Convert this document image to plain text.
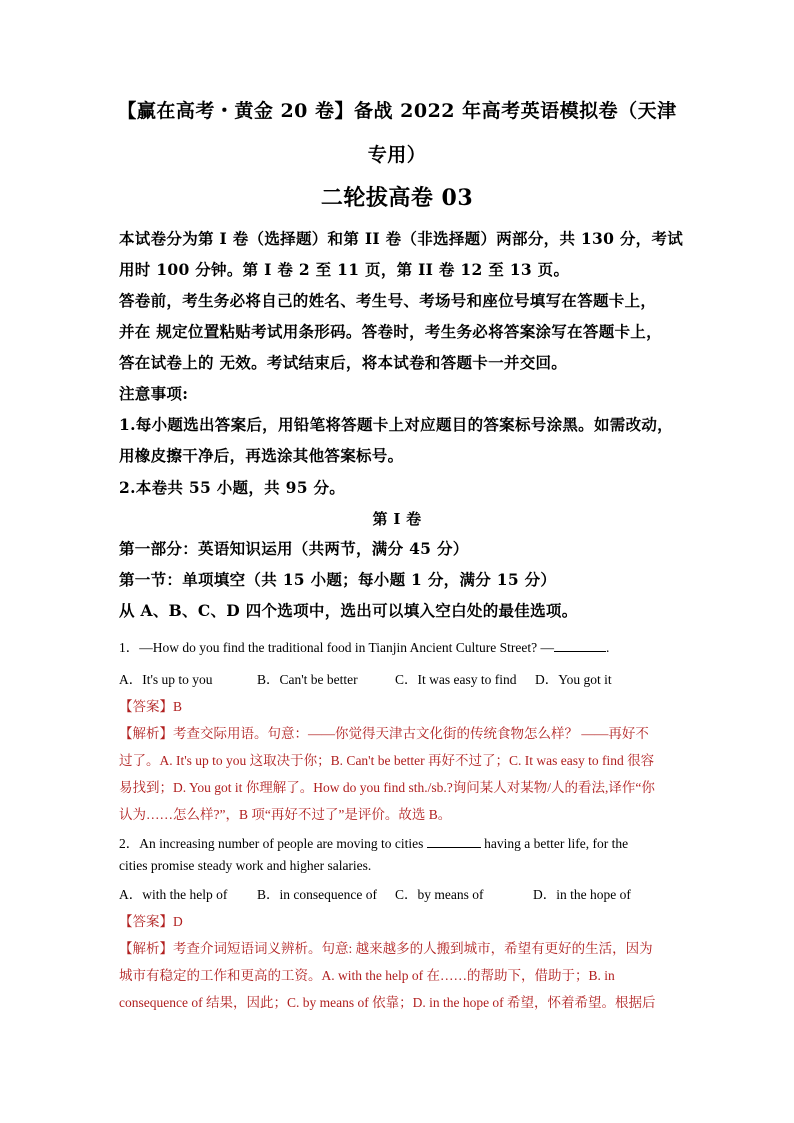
【赢在高考・黄金 20 卷】备战 2022 年高考英语模拟卷（天津
专用）
二轮拔高卷 03
本试卷分为第 I 卷（选择题）和第 II 卷（非选择题）两部分，共 130 分，考试
用时 100 分钟。第 I 卷 2 至 11 页，第 II 卷 12 至 13 页。
答卷前，考生务必将自己的姓名、考生号、考场号和座位号填写在答题卡上，
并在 规定位置粘贴考试用条形码。答卷时，考生务必将答案涂写在答题卡上，
答在试卷上的 无效。考试结束后，将本试卷和答题卡一并交回。
注意事项:
1.每小题选出答案后，用铅笔将答题卡上对应题目的答案标号涂黑。如需改动，
用橡皮擦干净后，再选涂其他答案标号。
2.本卷共 55 小题，共 95 分。
第 I 卷
第一部分：英语知识运用（共两节，满分 45 分）
第一节：单项填空（共 15 小题；每小题 1 分，满分 15 分）
从 A、B、C、D 四个选项中，选出可以填入空白处的最佳选项。
1．—How do you find the traditional food in Tianjin Ancient Culture Street? —	.
A．It's up to you	B．Can't be better	C．It was easy to find D．You got it
【答案】B
【解析】考查交际用语。句意：——你觉得天津古文化街的传统食物怎么样？ ——再好不
过了。A. It's up to you 这取决于你；B. Can't be better 再好不过了；C. It was easy to find 很容
易找到；D. You got it 你理解了。How do you find sth./sb.?询问某人对某物/人的看法,译作“你
认为……怎么样?”，B 项“再好不过了”是评价。故选 B。
2．An increasing number of people are moving to cities	having a better life, for the
cities promise steady work and higher salaries.
A．with the help of B．in consequence of C．by means of	D．in the hope of
【答案】D
【解析】考查介词短语词义辨析。句意: 越来越多的人搬到城市，希望有更好的生活，因为
城市有稳定的工作和更高的工资。A. with the help of 在……的帮助下，借助于；B. in
consequence of 结果，因此；C. by means of 依靠；D. in the hope of 希望，怀着希望。根据后
